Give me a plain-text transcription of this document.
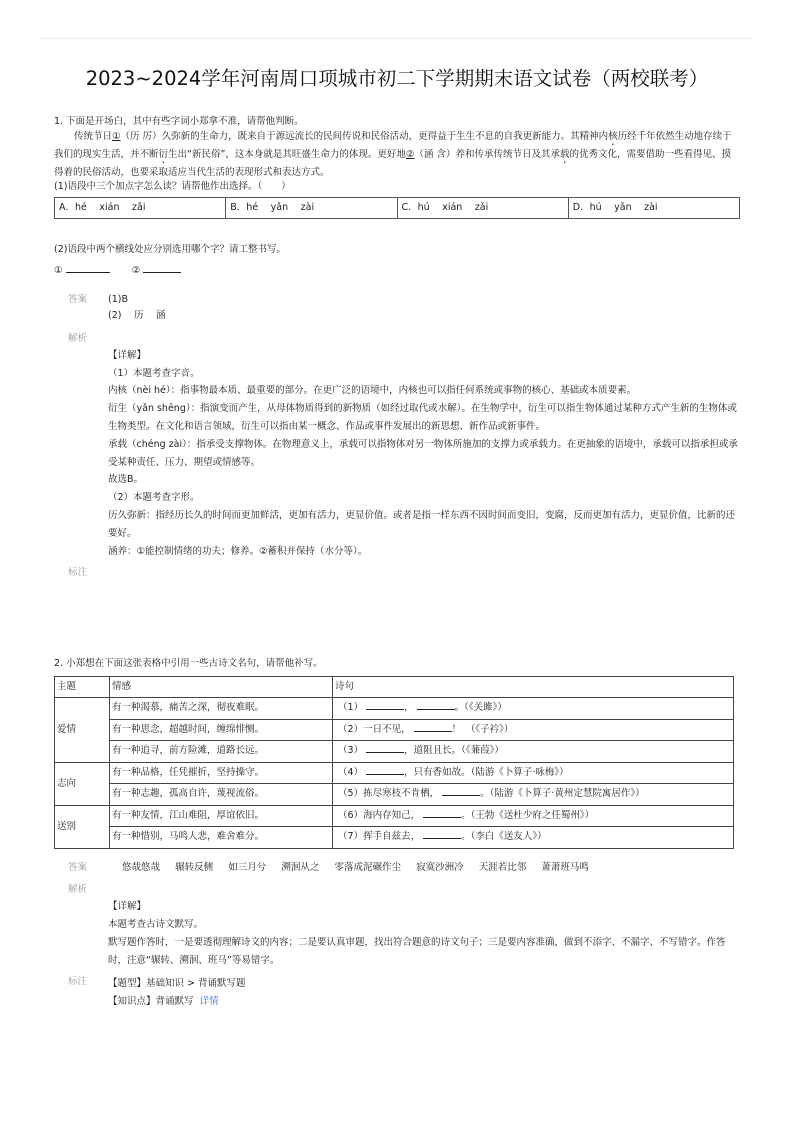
2023~2024学年河南周口项城市初二下学期期末语文试卷（两校联考）

1. 下面是开场白，其中有些字词小郑拿不准，请帮他判断。

传统节日①（历 厉）久弥新的生命力，既来自于源远流长的民间传说和民俗活动，更得益于生生不息的自我更新能力。其精神内核历经千年依然生动地存续于我们的现实生活，并不断衍生出“新民俗”，这本身就是其旺盛生命力的体现。更好地②（涵 含）养和传承传统节日及其承载的优秀文化，需要借助一些看得见、摸得着的民俗活动，也要采取适应当代生活的表现形式和表达方式。

(1)语段中三个加点字怎么读？请帮他作出选择。（　　）

A．hé　 xián　 zǎi	B．hé　 yǎn　 zài	C．hú　 xián　 zǎi	D．hú　 yǎn　 zài

(2)语段中两个横线处应分别选用哪个字？请工整书写。

①	②

答案	(1)B
(2)　 历　 涵
解析
【详解】
（1）本题考查字音。
内核（nèi hé）：指事物最本质、最重要的部分。在更广泛的语境中，内核也可以指任何系统或事物的核心、基础或本质要素。
衍生（yǎn shēng）：指演变而产生，从母体物质得到的新物质（如经过取代或水解）。在生物学中，衍生可以指生物体通过某种方式产生新的生物体或生物类型。在文化和语言领域，衍生可以指由某一概念、作品或事件发展出的新思想、新作品或新事件。
承载（chéng zài）：指承受支撑物体。在物理意义上，承载可以指物体对另一物体所施加的支撑力或承载力。在更抽象的语境中，承载可以指承担或承受某种责任、压力、期望或情感等。
故选B。
（2）本题考查字形。
历久弥新：指经历长久的时间而更加鲜活，更加有活力，更显价值。或者是指一样东西不因时间而变旧，变腐，反而更加有活力，更显价值，比新的还要好。
涵养：①能控制情绪的功夫；修养。②蓄积并保持（水分等）。
标注

2. 小郑想在下面这张表格中引用一些古诗文名句，请帮他补写。

主题	情感	诗句
爱情	有一种渴慕，痛苦之深，彻夜难眠。	（1） ， 。（《关雎》）
	有一种思念，超越时间，缠绵悱恻。	（2）一日不见， ！　（《子衿》）
	有一种追寻，前方险滩，道路长远。	（3） ，道阻且长。（《蒹葭》）
志向	有一种品格，任凭摧折，坚持操守。	（4） ，只有香如故。（陆游《卜算子·咏梅》）
	有一种志趣，孤高自许，蔑视流俗。	（5）拣尽寒枝不肯栖， 。（陆游《卜算子·黄州定慧院寓居作》）
送别	有一种友情，江山难阻，厚谊依旧。	（6）海内存知己， 。（王勃《送杜少府之任蜀州》）
	有一种惜别，马鸣人悲，难舍难分。	（7）挥手自兹去， 。（李白《送友人》）
答案	悠哉悠哉 辗转反侧 如三月兮 溯洄从之 零落成泥碾作尘 寂寞沙洲冷 天涯若比邻 萧萧班马鸣
解析
【详解】
本题考查古诗文默写。
默写题作答时，一是要透彻理解诗文的内容；二是要认真审题，找出符合题意的诗文句子；三是要内容准确，做到不添字、不漏字、不写错字。作答时，注意“辗转、溯洄、班马”等易错字。
标注	【题型】基础知识 > 背诵默写题
【知识点】背诵默写 详情
